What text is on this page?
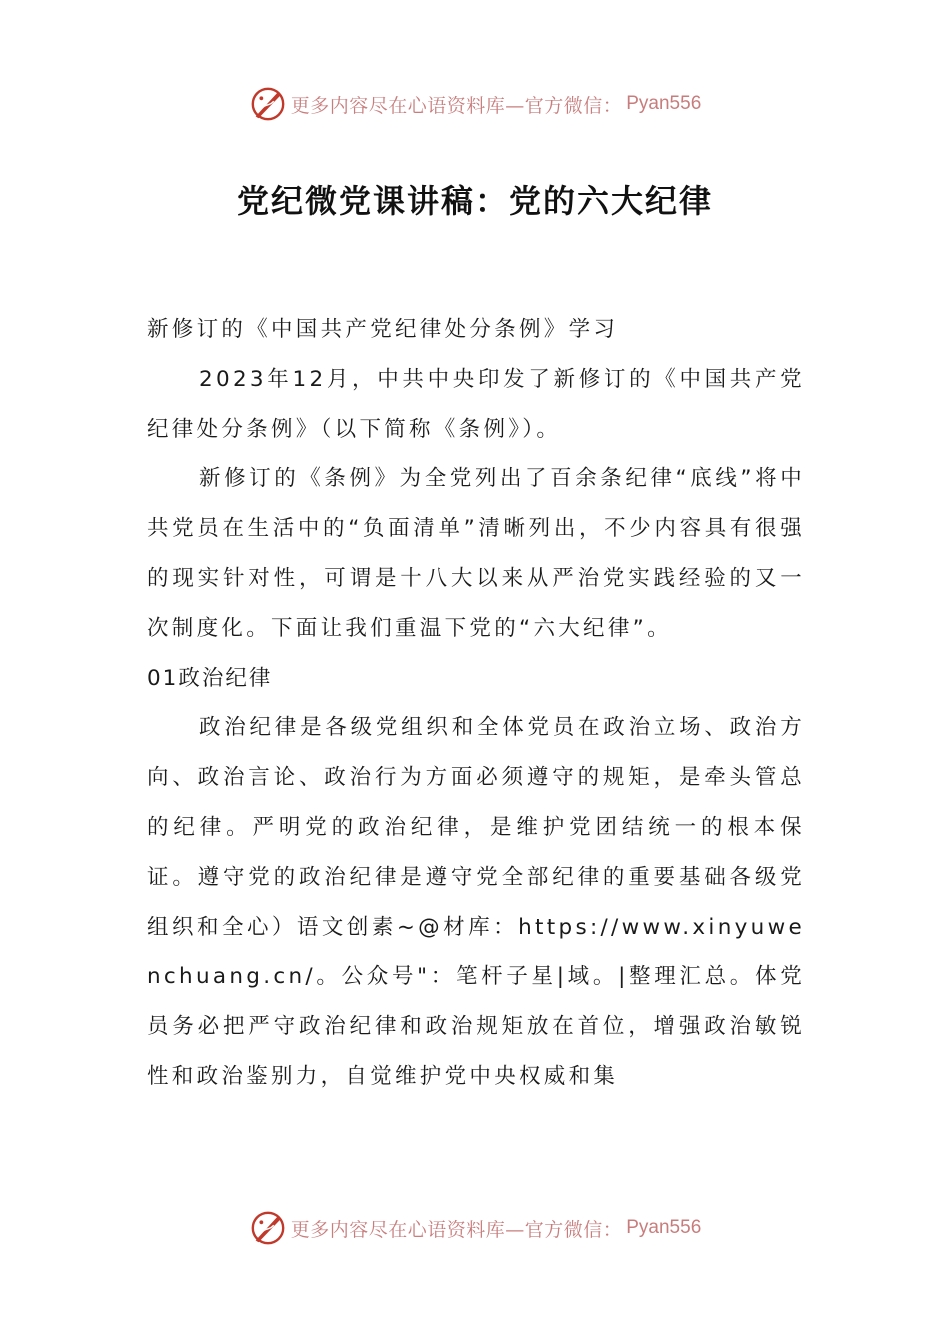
更多内容尽在心语资料库—官方微信： Pyan556
党纪微党课讲稿：党的六大纪律

新修订的《中国共产党纪律处分条例》学习

2023年12月，中共中央印发了新修订的《中国共产党纪律处分条例》（以下简称《条例》）。

新修订的《条例》为全党列出了百余条纪律“底线”将中共党员在生活中的“负面清单”清晰列出，不少内容具有很强的现实针对性，可谓是十八大以来从严治党实践经验的又一次制度化。下面让我们重温下党的“六大纪律”。

01政治纪律

政治纪律是各级党组织和全体党员在政治立场、政治方向、政治言论、政治行为方面必须遵守的规矩，是牵头管总的纪律。严明党的政治纪律，是维护党团结统一的根本保证。遵守党的政治纪律是遵守党全部纪律的重要基础各级党组织和全心）语文创素~@材库：https://www.xinyuwenchuang.cn/。公众号"：笔杆子星|域。|整理汇总。体党员务必把严守政治纪律和政治规矩放在首位，增强政治敏锐性和政治鉴别力，自觉维护党中央权威和集

更多内容尽在心语资料库—官方微信： Pyan556
